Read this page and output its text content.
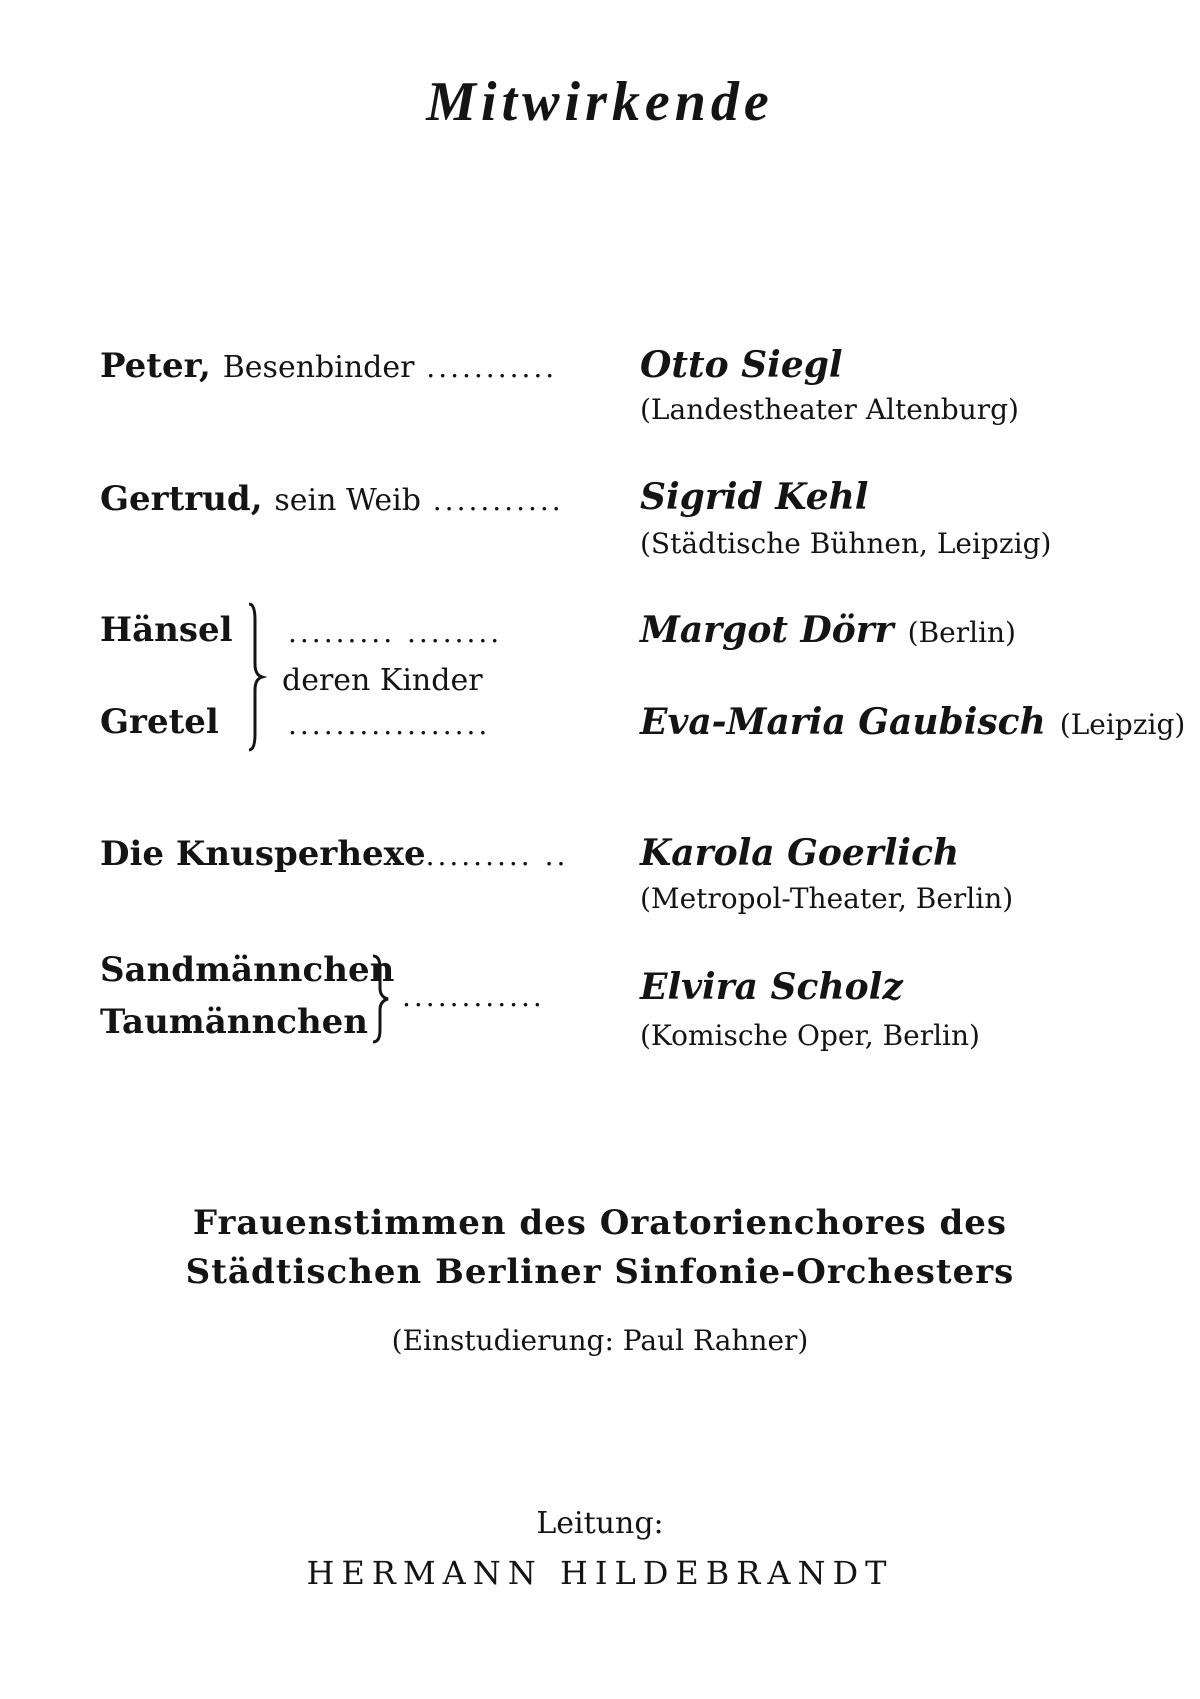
Mitwirkende
Peter, Besenbinder ........... Otto Siegl
(Landestheater Altenburg)
Gertrud, sein Weib ........... Sigrid Kehl
(Städtische Bühnen, Leipzig)
Hänsel
Gretel
......... ........
deren Kinder
.................
Margot Dörr (Berlin)
Eva-Maria Gaubisch (Leipzig)
Die Knusperhexe......... .. Karola Goerlich
(Metropol-Theater, Berlin)
Sandmännchen
Taumännchen
............	Elvira Scholz
(Komische Oper, Berlin)
Frauenstimmen des Oratorienchores des
Städtischen Berliner Sinfonie-Orchesters
(Einstudierung: Paul Rahner)
Leitung:
HERMANN HILDEBRANDT
